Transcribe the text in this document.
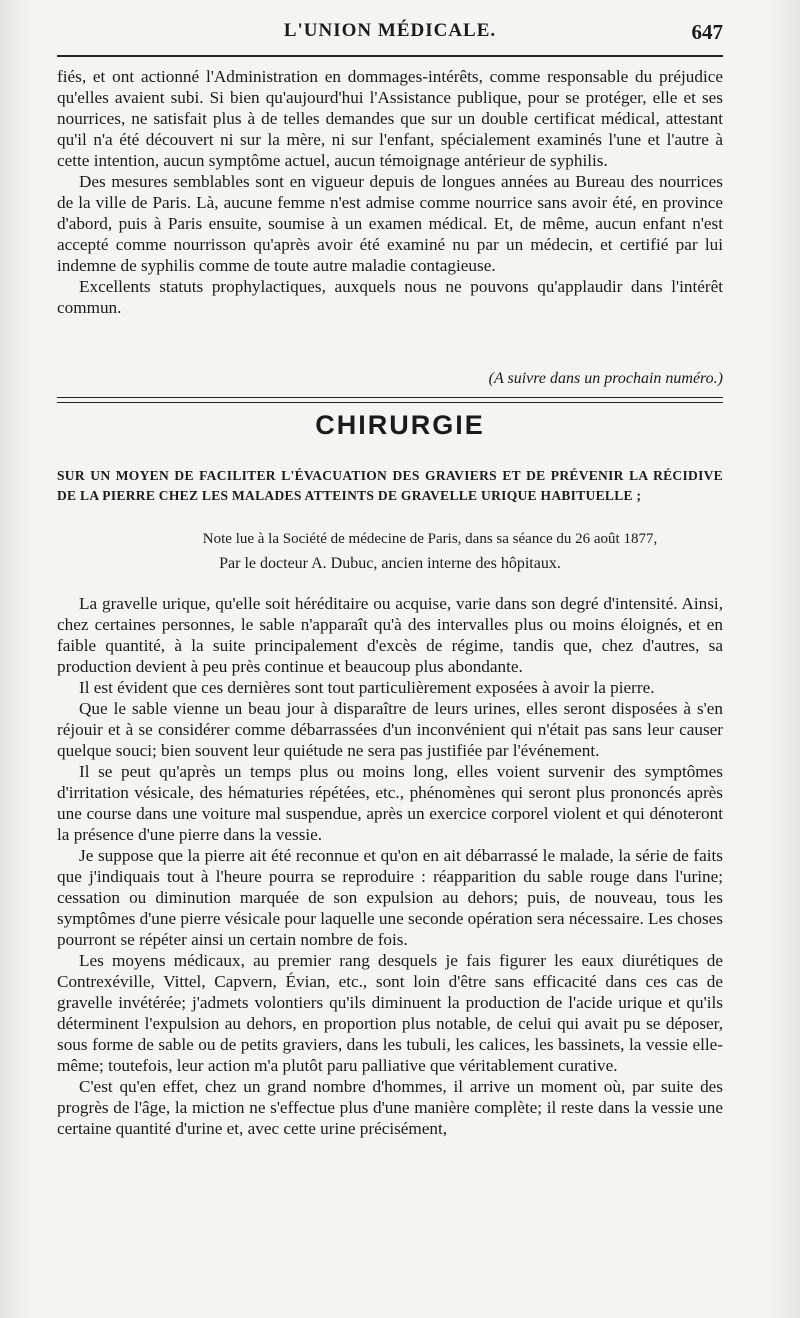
L'UNION MÉDICALE.	647

fiés, et ont actionné l'Administration en dommages-intérêts, comme responsable du préjudice qu'elles avaient subi. Si bien qu'aujourd'hui l'Assistance publique, pour se protéger, elle et ses nourrices, ne satisfait plus à de telles demandes que sur un double certificat médical, attestant qu'il n'a été découvert ni sur la mère, ni sur l'enfant, spécialement examinés l'une et l'autre à cette intention, aucun symptôme actuel, aucun témoignage antérieur de syphilis.

Des mesures semblables sont en vigueur depuis de longues années au Bureau des nourrices de la ville de Paris. Là, aucune femme n'est admise comme nourrice sans avoir été, en province d'abord, puis à Paris ensuite, soumise à un examen médical. Et, de même, aucun enfant n'est accepté comme nourrisson qu'après avoir été examiné nu par un médecin, et certifié par lui indemne de syphilis comme de toute autre maladie contagieuse.

Excellents statuts prophylactiques, auxquels nous ne pouvons qu'applaudir dans l'intérêt commun.

(A suivre dans un prochain numéro.)
CHIRURGIE
SUR UN MOYEN DE FACILITER L'ÉVACUATION DES GRAVIERS ET DE PRÉVENIR LA RÉCIDIVE DE LA PIERRE CHEZ LES MALADES ATTEINTS DE GRAVELLE URIQUE HABITUELLE ;
Note lue à la Société de médecine de Paris, dans sa séance du 26 août 1877,
Par le docteur A. Dubuc, ancien interne des hôpitaux.

La gravelle urique, qu'elle soit héréditaire ou acquise, varie dans son degré d'intensité. Ainsi, chez certaines personnes, le sable n'apparaît qu'à des intervalles plus ou moins éloignés, et en faible quantité, à la suite principalement d'excès de régime, tandis que, chez d'autres, sa production devient à peu près continue et beaucoup plus abondante.

Il est évident que ces dernières sont tout particulièrement exposées à avoir la pierre.

Que le sable vienne un beau jour à disparaître de leurs urines, elles seront disposées à s'en réjouir et à se considérer comme débarrassées d'un inconvénient qui n'était pas sans leur causer quelque souci; bien souvent leur quiétude ne sera pas justifiée par l'événement.

Il se peut qu'après un temps plus ou moins long, elles voient survenir des symptômes d'irritation vésicale, des hématuries répétées, etc., phénomènes qui seront plus prononcés après une course dans une voiture mal suspendue, après un exercice corporel violent et qui dénoteront la présence d'une pierre dans la vessie.

Je suppose que la pierre ait été reconnue et qu'on en ait débarrassé le malade, la série de faits que j'indiquais tout à l'heure pourra se reproduire : réapparition du sable rouge dans l'urine; cessation ou diminution marquée de son expulsion au dehors; puis, de nouveau, tous les symptômes d'une pierre vésicale pour laquelle une seconde opération sera nécessaire. Les choses pourront se répéter ainsi un certain nombre de fois.

Les moyens médicaux, au premier rang desquels je fais figurer les eaux diurétiques de Contrexéville, Vittel, Capvern, Évian, etc., sont loin d'être sans efficacité dans ces cas de gravelle invétérée; j'admets volontiers qu'ils diminuent la production de l'acide urique et qu'ils déterminent l'expulsion au dehors, en proportion plus notable, de celui qui avait pu se déposer, sous forme de sable ou de petits graviers, dans les tubuli, les calices, les bassinets, la vessie elle-même; toutefois, leur action m'a plutôt paru palliative que véritablement curative.

C'est qu'en effet, chez un grand nombre d'hommes, il arrive un moment où, par suite des progrès de l'âge, la miction ne s'effectue plus d'une manière complète; il reste dans la vessie une certaine quantité d'urine et, avec cette urine précisément,
